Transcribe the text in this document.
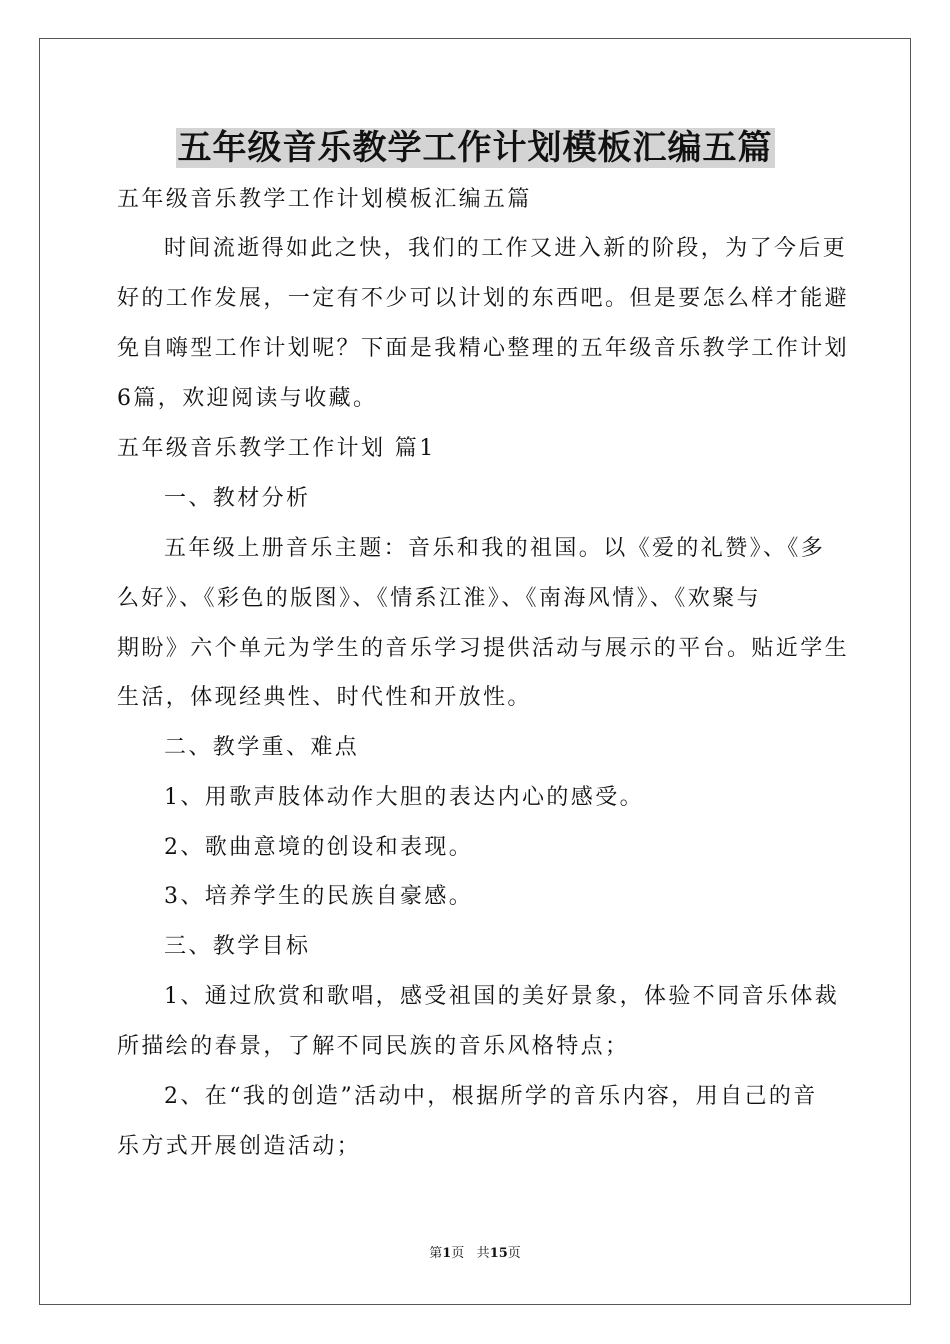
五年级音乐教学工作计划模板汇编五篇
五年级音乐教学工作计划模板汇编五篇
时间流逝得如此之快，我们的工作又进入新的阶段，为了今后更
好的工作发展，一定有不少可以计划的东西吧。但是要怎么样才能避
免自嗨型工作计划呢？下面是我精心整理的五年级音乐教学工作计划
6篇，欢迎阅读与收藏。
五年级音乐教学工作计划 篇1
一、教材分析
五年级上册音乐主题：音乐和我的祖国。以《爱的礼赞》、《多
么好》、《彩色的版图》、《情系江淮》、《南海风情》、《欢聚与
期盼》六个单元为学生的音乐学习提供活动与展示的平台。贴近学生
生活，体现经典性、时代性和开放性。
二、教学重、难点
1、用歌声肢体动作大胆的表达内心的感受。
2、歌曲意境的创设和表现。
3、培养学生的民族自豪感。
三、教学目标
1、通过欣赏和歌唱，感受祖国的美好景象，体验不同音乐体裁
所描绘的春景，了解不同民族的音乐风格特点；
2、在“我的创造”活动中，根据所学的音乐内容，用自己的音
乐方式开展创造活动；
第1页 共15页
